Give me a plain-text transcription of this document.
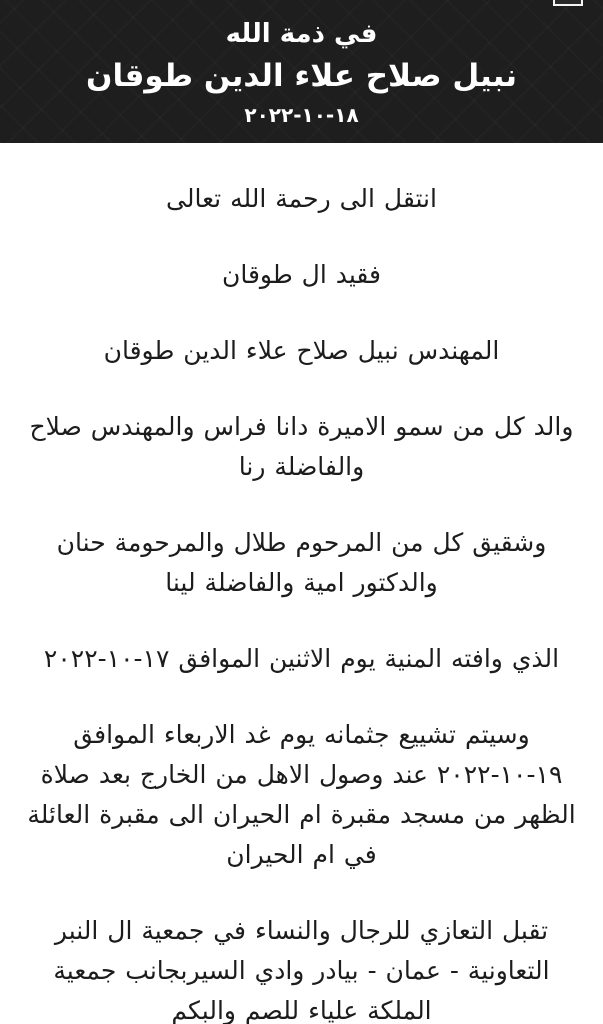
في ذمة الله
نبيل صلاح علاء الدين طوقان
١٨-١٠-٢٠٢٢

انتقل الى رحمة الله تعالى

فقيد ال طوقان

المهندس نبيل صلاح علاء الدين طوقان

والد كل من سمو الاميرة دانا فراس والمهندس صلاح والفاضلة رنا

وشقيق كل من المرحوم طلال والمرحومة حنان والدكتور امية والفاضلة لينا

الذي وافته المنية يوم الاثنين الموافق ١٧-١٠-٢٠٢٢

وسيتم تشييع جثمانه يوم غد الاربعاء الموافق ١٩-١٠-٢٠٢٢ عند وصول الاهل من الخارج بعد صلاة الظهر من مسجد مقبرة ام الحيران الى مقبرة العائلة في ام الحيران

تقبل التعازي للرجال والنساء في جمعية ال النبر التعاونية - عمان - بيادر وادي السيربجانب جمعية الملكة علياء للصم والبكم
